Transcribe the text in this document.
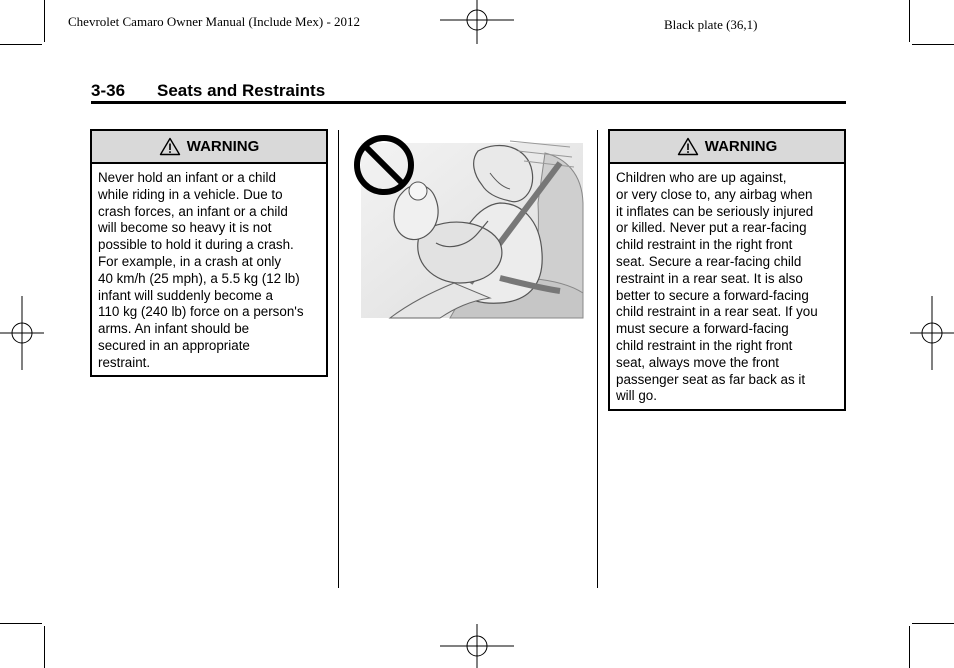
Chevrolet Camaro Owner Manual (Include Mex) - 2012	Black plate (36,1)
3-36 Seats and Restraints
WARNING
Never hold an infant or a child
while riding in a vehicle. Due to
crash forces, an infant or a child
will become so heavy it is not
possible to hold it during a crash.
For example, in a crash at only
40 km/h (25 mph), a 5.5 kg (12 lb)
infant will suddenly become a
110 kg (240 lb) force on a person's
arms. An infant should be
secured in an appropriate
restraint.
WARNING
Children who are up against,
or very close to, any airbag when
it inflates can be seriously injured
or killed. Never put a rear-facing
child restraint in the right front
seat. Secure a rear-facing child
restraint in a rear seat. It is also
better to secure a forward-facing
child restraint in a rear seat. If you
must secure a forward-facing
child restraint in the right front
seat, always move the front
passenger seat as far back as it
will go.
